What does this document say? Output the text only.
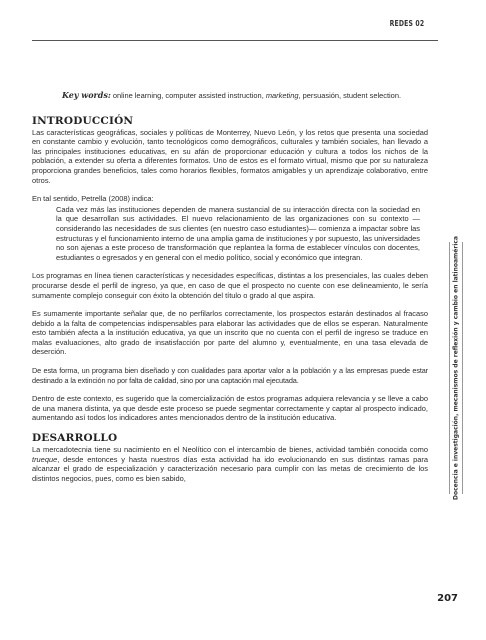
REDES 02
Key words: online learning, computer assisted instruction, marketing, persuasión, student selection.
INTRODUCCIÓN

Las características geográficas, sociales y políticas de Monterrey, Nuevo León, y los retos que presenta una sociedad en constante cambio y evolución, tanto tecnológicos como demográficos, culturales y también sociales, han llevado a las principales instituciones educativas, en su afán de proporcionar educación y cultura a todos los nichos de la población, a extender su oferta a diferentes formatos. Uno de estos es el formato virtual, mismo que por su naturaleza proporciona grandes beneficios, tales como horarios flexibles, formatos amigables y un aprendizaje colaborativo, entre otros.

En tal sentido, Petrella (2008) indica:

Cada vez más las instituciones dependen de manera sustancial de su interacción directa con la sociedad en la que desarrollan sus actividades. El nuevo relacionamiento de las organizaciones con su contexto —considerando las necesidades de sus clientes (en nuestro caso estudiantes)— comienza a impactar sobre las estructuras y el funcionamiento interno de una amplia gama de instituciones y por supuesto, las universidades no son ajenas a este proceso de transformación que replantea la forma de establecer vínculos con docentes, estudiantes o egresados y en general con el medio político, social y económico que integran.

Los programas en línea tienen características y necesidades específicas, distintas a los presenciales, las cuales deben procurarse desde el perfil de ingreso, ya que, en caso de que el prospecto no cuente con ese delineamiento, le sería sumamente complejo conseguir con éxito la obtención del título o grado al que aspira.

Es sumamente importante señalar que, de no perfilarlos correctamente, los prospectos estarán destinados al fracaso debido a la falta de competencias indispensables para elaborar las actividades que de ellos se esperan. Naturalmente esto también afecta a la institución educativa, ya que un inscrito que no cuenta con el perfil de ingreso se traduce en malas evaluaciones, alto grado de insatisfacción por parte del alumno y, eventualmente, en una tasa elevada de deserción.

De esta forma, un programa bien diseñado y con cualidades para aportar valor a la población y a las empresas puede estar destinado a la extinción no por falta de calidad, sino por una captación mal ejecutada.

Dentro de este contexto, es sugerido que la comercialización de estos programas adquiera relevancia y se lleve a cabo de una manera distinta, ya que desde este proceso se puede segmentar correctamente y captar al prospecto indicado, aumentando así todos los indicadores antes mencionados dentro de la institución educativa.

DESARROLLO

La mercadotecnia tiene su nacimiento en el Neolítico con el intercambio de bienes, actividad también conocida como trueque, desde entonces y hasta nuestros días esta actividad ha ido evolucionando en sus distintas ramas para alcanzar el grado de especialización y caracterización necesario para cumplir con las metas de crecimiento de los distintos negocios, pues, como es bien sabido,	Docencia e investigación, mecanismos de reflexión y cambio en latinoamérica
207
